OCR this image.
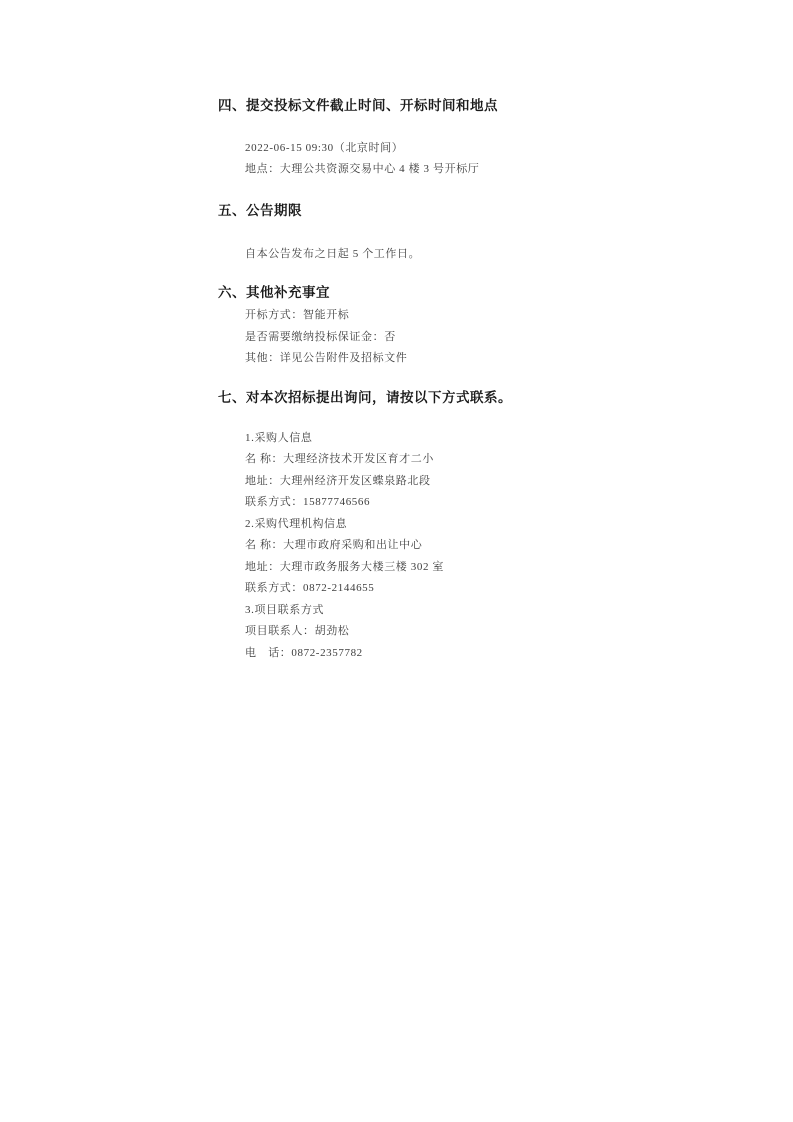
四、提交投标文件截止时间、开标时间和地点
2022-06-15 09:30（北京时间）
地点：大理公共资源交易中心 4 楼 3 号开标厅
五、公告期限
自本公告发布之日起 5 个工作日。
六、其他补充事宜
开标方式：智能开标
是否需要缴纳投标保证金：否
其他：详见公告附件及招标文件
七、对本次招标提出询问，请按以下方式联系。
1.采购人信息
名 称：大理经济技术开发区育才二小
地址：大理州经济开发区蝶泉路北段
联系方式：15877746566
2.采购代理机构信息
名 称：大理市政府采购和出让中心
地址：大理市政务服务大楼三楼 302 室
联系方式：0872-2144655
3.项目联系方式
项目联系人：胡劲松
电　话：0872-2357782
